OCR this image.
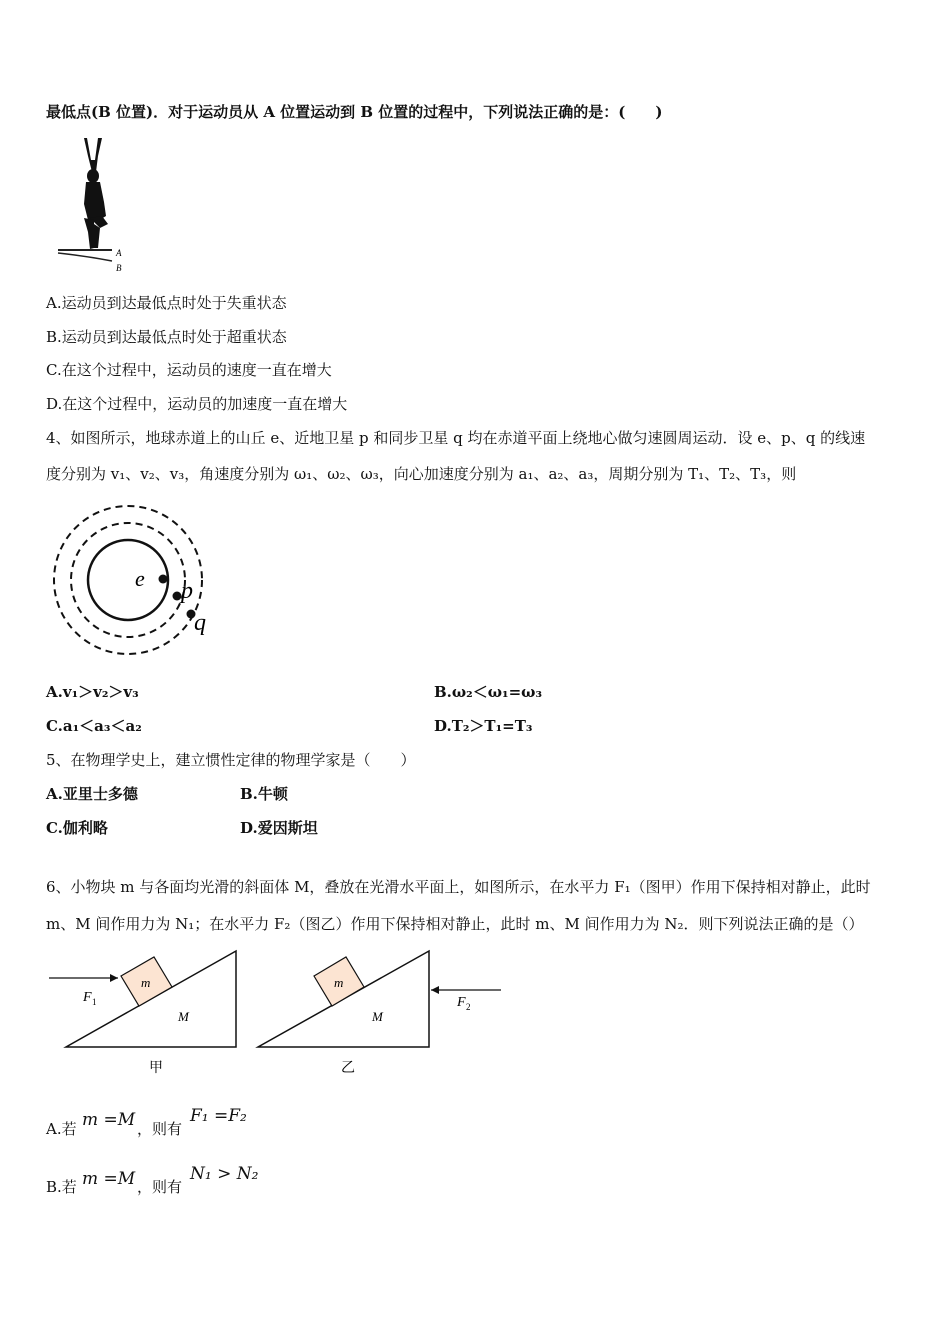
最低点(B 位置)．对于运动员从 A 位置运动到 B 位置的过程中，下列说法正确的是：(　　)
A
B
A.运动员到达最低点时处于失重状态
B.运动员到达最低点时处于超重状态
C.在这个过程中，运动员的速度一直在增大
D.在这个过程中，运动员的加速度一直在增大
4、如图所示，地球赤道上的山丘 e、近地卫星 p 和同步卫星 q 均在赤道平面上绕地心做匀速圆周运动．设 e、p、q 的线速
度分别为 v₁、v₂、v₃，角速度分别为 ω₁、ω₂、ω₃，向心加速度分别为 a₁、a₂、a₃，周期分别为 T₁、T₂、T₃，则
e p
q
A.v₁＞v₂＞v₃	B.ω₂＜ω₁=ω₃
C.a₁＜a₃＜a₂	D.T₂＞T₁=T₃
5、在物理学史上，建立惯性定律的物理学家是（　　）
A.亚里士多德	B.牛顿
C.伽利略	D.爱因斯坦
6、小物块 m 与各面均光滑的斜面体 M，叠放在光滑水平面上，如图所示，在水平力 F₁（图甲）作用下保持相对静止，此时
m、M 间作用力为 N₁；在水平力 F₂（图乙）作用下保持相对静止，此时 m、M 间作用力为 N₂．则下列说法正确的是（）
m
M
F 1
甲
m
M
F 2
乙
A.若 m =M ，则有
F₁ =F₂
B.若 m =M ，则有
N₁ > N₂
